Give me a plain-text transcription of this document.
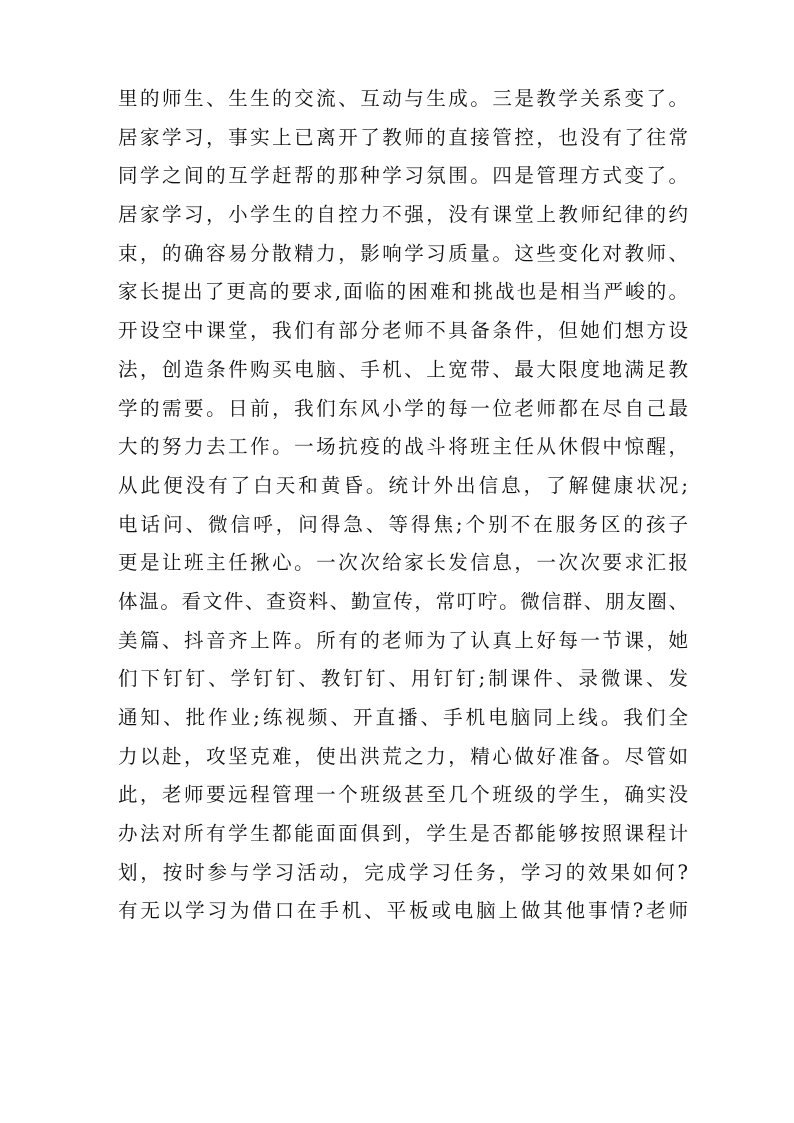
里的师生、生生的交流、互动与生成。三是教学关系变了。
居家学习，事实上已离开了教师的直接管控，也没有了往常
同学之间的互学赶帮的那种学习氛围。四是管理方式变了。
居家学习，小学生的自控力不强，没有课堂上教师纪律的约
束，的确容易分散精力，影响学习质量。这些变化对教师、
家长提出了更高的要求,面临的困难和挑战也是相当严峻的。
开设空中课堂，我们有部分老师不具备条件，但她们想方设
法，创造条件购买电脑、手机、上宽带、最大限度地满足教
学的需要。日前，我们东风小学的每一位老师都在尽自己最
大的努力去工作。一场抗疫的战斗将班主任从休假中惊醒，
从此便没有了白天和黄昏。统计外出信息，了解健康状况;
电话问、微信呼，问得急、等得焦;个别不在服务区的孩子
更是让班主任揪心。一次次给家长发信息，一次次要求汇报
体温。看文件、查资料、勤宣传，常叮咛。微信群、朋友圈、
美篇、抖音齐上阵。所有的老师为了认真上好每一节课，她
们下钉钉、学钉钉、教钉钉、用钉钉;制课件、录微课、发
通知、批作业;练视频、开直播、手机电脑同上线。我们全
力以赴，攻坚克难，使出洪荒之力，精心做好准备。尽管如
此，老师要远程管理一个班级甚至几个班级的学生，确实没
办法对所有学生都能面面俱到，学生是否都能够按照课程计
划，按时参与学习活动，完成学习任务，学习的效果如何?
有无以学习为借口在手机、平板或电脑上做其他事情?老师
